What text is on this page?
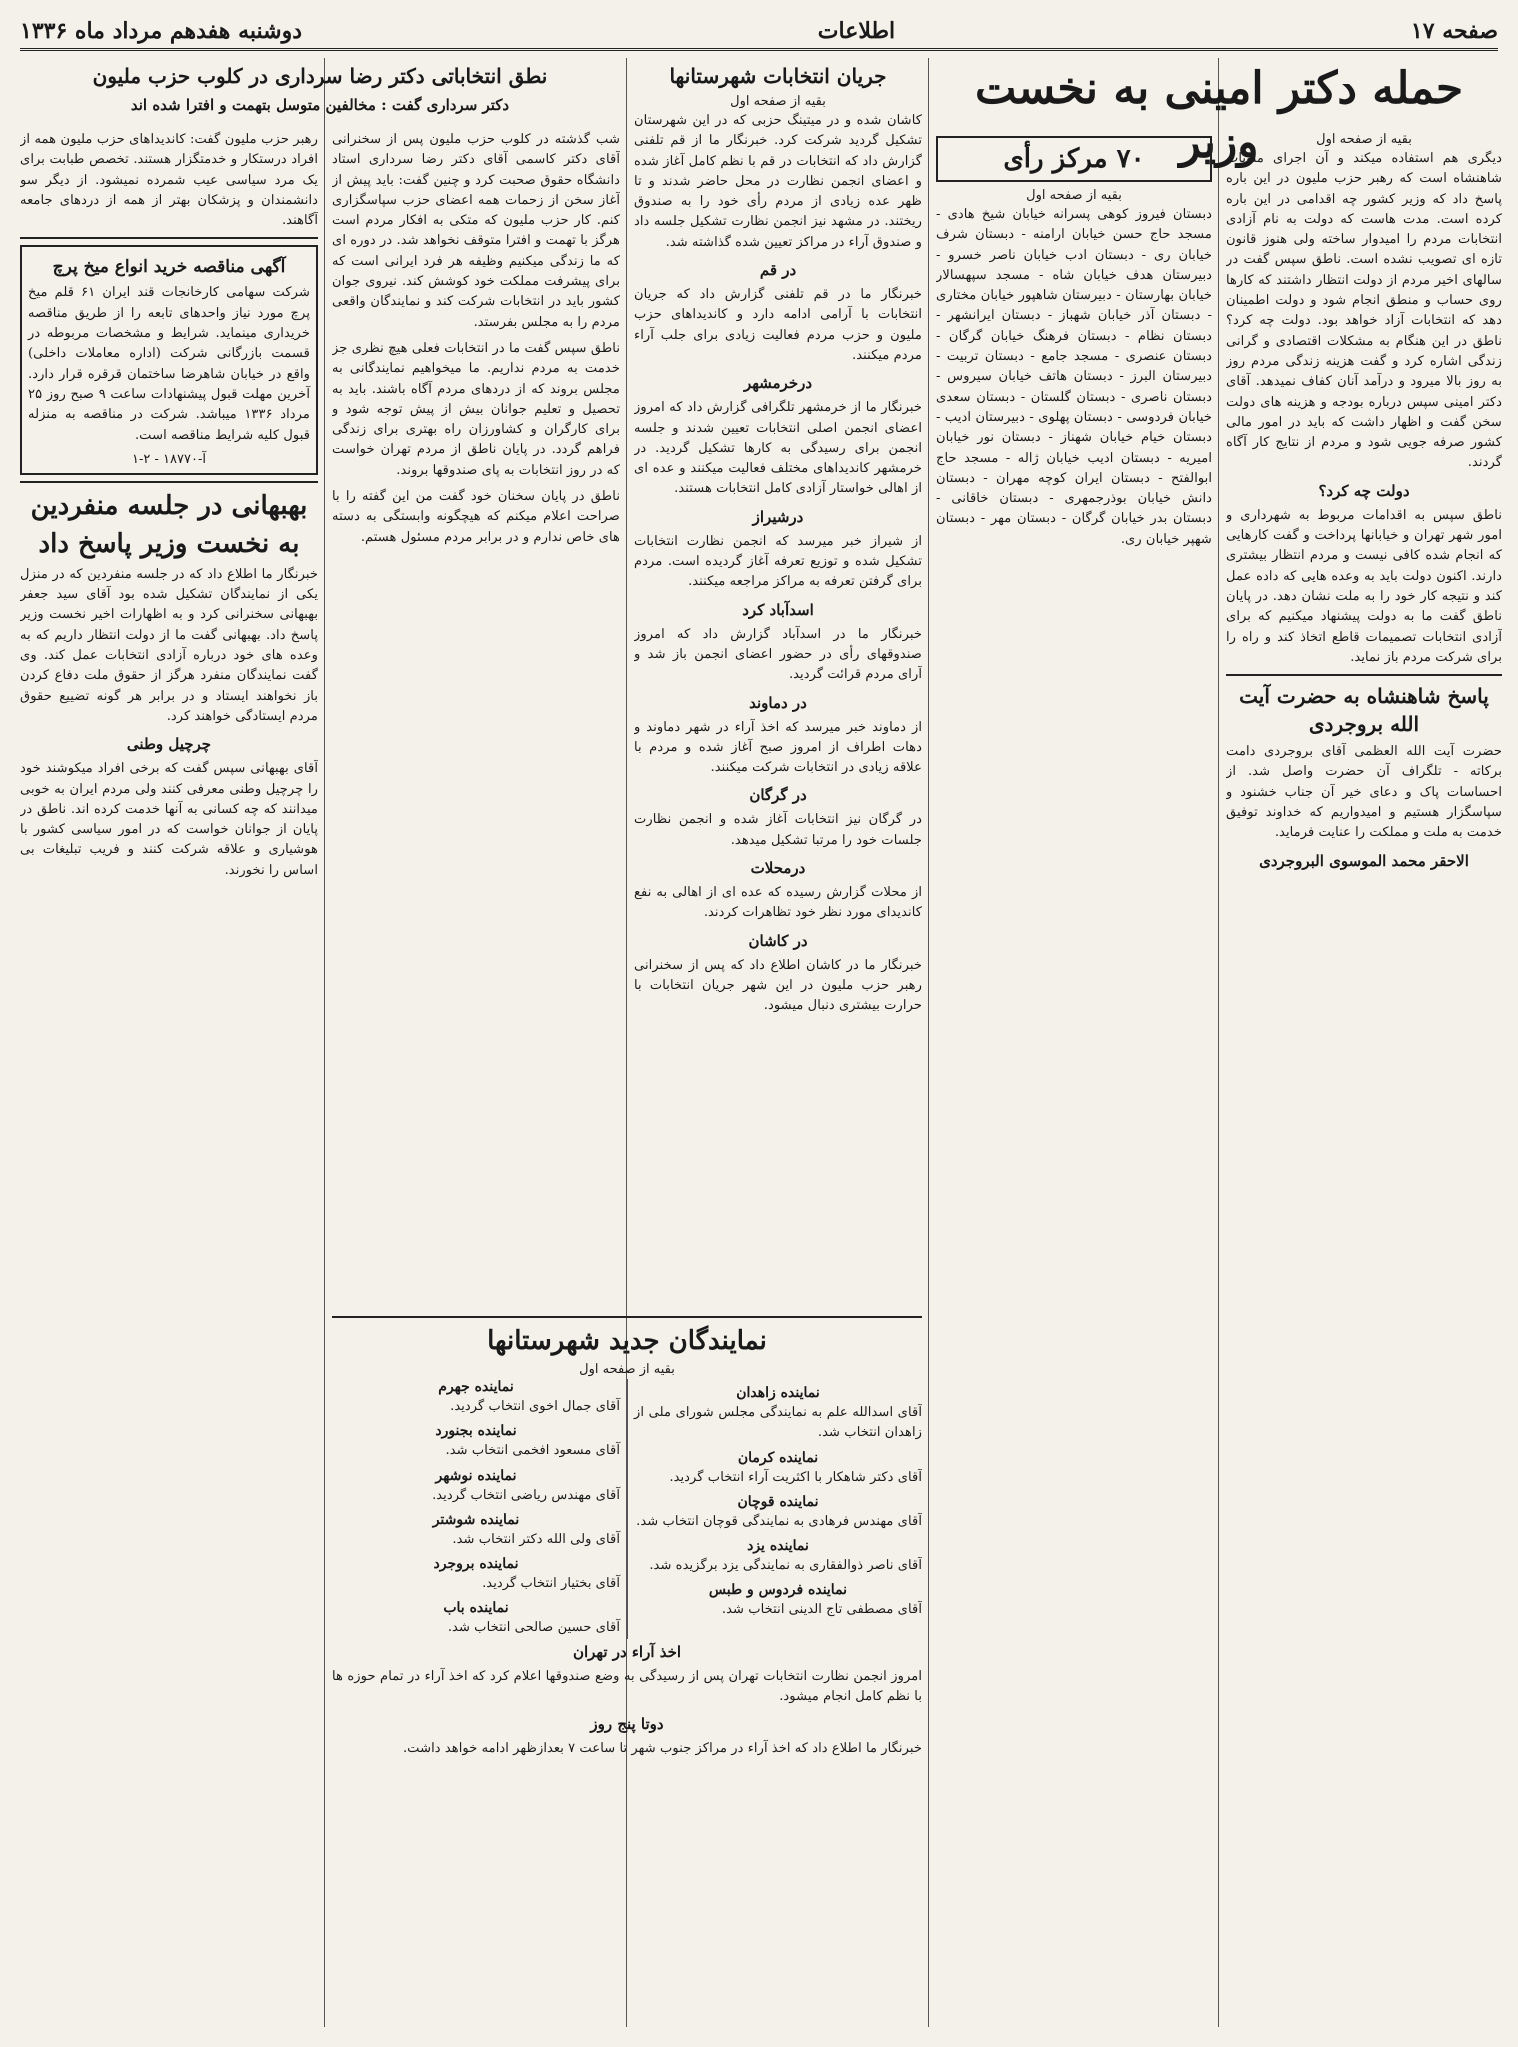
صفحه ۱۷
اطلاعات
دوشنبه هفدهم مرداد ماه ۱۳۳۶
حمله دکتر امینی به نخست وزیر	بقیه از صفحه اول

دیگری هم استفاده میکند و آن اجرای منویات شاهنشاه است که رهبر حزب ملیون در این باره پاسخ داد که وزیر کشور چه اقدامی در این باره کرده است. مدت هاست که دولت به نام آزادی انتخابات مردم را امیدوار ساخته ولی هنوز قانون تازه ای تصویب نشده است. ناطق سپس گفت در سالهای اخیر مردم از دولت انتظار داشتند که کارها روی حساب و منطق انجام شود و دولت اطمینان دهد که انتخابات آزاد خواهد بود. دولت چه کرد؟ ناطق در این هنگام به مشکلات اقتصادی و گرانی زندگی اشاره کرد و گفت هزینه زندگی مردم روز به روز بالا میرود و درآمد آنان کفاف نمیدهد. آقای دکتر امینی سپس درباره بودجه و هزینه های دولت سخن گفت و اظهار داشت که باید در امور مالی کشور صرفه جویی شود و مردم از نتایج کار آگاه گردند.

دولت چه کرد؟

ناطق سپس به اقدامات مربوط به شهرداری و امور شهر تهران و خیابانها پرداخت و گفت کارهایی که انجام شده کافی نیست و مردم انتظار بیشتری دارند. اکنون دولت باید به وعده هایی که داده عمل کند و نتیجه کار خود را به ملت نشان دهد. در پایان ناطق گفت ما به دولت پیشنهاد میکنیم که برای آزادی انتخابات تصمیمات قاطع اتخاذ کند و راه را برای شرکت مردم باز نماید.

پاسخ شاهنشاه به حضرت آیت الله بروجردی

حضرت آیت الله العظمی آقای بروجردی دامت برکاته - تلگراف آن حضرت واصل شد. از احساسات پاک و دعای خیر آن جناب خشنود و سپاسگزار هستیم و امیدواریم که خداوند توفیق خدمت به ملت و مملکت را عنایت فرماید.

الاحقر محمد الموسوی البروجردی
۷۰ مرکز رأی
بقیه از صفحه اول

دبستان فیروز کوهی پسرانه خیابان شیخ هادی - مسجد حاج حسن خیابان ارامنه - دبستان شرف خیابان ری - دبستان ادب خیابان ناصر خسرو - دبیرستان هدف خیابان شاه - مسجد سپهسالار خیابان بهارستان - دبیرستان شاهپور خیابان مختاری - دبستان آذر خیابان شهباز - دبستان ایرانشهر - دبستان نظام - دبستان فرهنگ خیابان گرگان - دبستان عنصری - مسجد جامع - دبستان تربیت - دبیرستان البرز - دبستان هاتف خیابان سیروس - دبستان ناصری - دبستان گلستان - دبستان سعدی خیابان فردوسی - دبستان پهلوی - دبیرستان ادیب - دبستان خیام خیابان شهناز - دبستان نور خیابان امیریه - دبستان ادیب خیابان ژاله - مسجد حاج ابوالفتح - دبستان ایران کوچه مهران - دبستان دانش خیابان بوذرجمهری - دبستان خاقانی - دبستان بدر خیابان گرگان - دبستان مهر - دبستان شهپر خیابان ری.

جریان انتخابات شهرستانها
بقیه از صفحه اول

کاشان شده و در میتینگ حزبی که در این شهرستان تشکیل گردید شرکت کرد. خبرنگار ما از قم تلفنی گزارش داد که انتخابات در قم با نظم کامل آغاز شده و اعضای انجمن نظارت در محل حاضر شدند و تا ظهر عده زیادی از مردم رأی خود را به صندوق ریختند. در مشهد نیز انجمن نظارت تشکیل جلسه داد و صندوق آراء در مراکز تعیین شده گذاشته شد.

در قم

خبرنگار ما در قم تلفنی گزارش داد که جریان انتخابات با آرامی ادامه دارد و کاندیداهای حزب ملیون و حزب مردم فعالیت زیادی برای جلب آراء مردم میکنند.

درخرمشهر

خبرنگار ما از خرمشهر تلگرافی گزارش داد که امروز اعضای انجمن اصلی انتخابات تعیین شدند و جلسه انجمن برای رسیدگی به کارها تشکیل گردید. در خرمشهر کاندیداهای مختلف فعالیت میکنند و عده ای از اهالی خواستار آزادی کامل انتخابات هستند.

درشیراز

از شیراز خبر میرسد که انجمن نظارت انتخابات تشکیل شده و توزیع تعرفه آغاز گردیده است. مردم برای گرفتن تعرفه به مراکز مراجعه میکنند.

اسدآباد کرد

خبرنگار ما در اسدآباد گزارش داد که امروز صندوقهای رأی در حضور اعضای انجمن باز شد و آرای مردم قرائت گردید.

در دماوند

از دماوند خبر میرسد که اخذ آراء در شهر دماوند و دهات اطراف از امروز صبح آغاز شده و مردم با علاقه زیادی در انتخابات شرکت میکنند.

در گرگان

در گرگان نیز انتخابات آغاز شده و انجمن نظارت جلسات خود را مرتبا تشکیل میدهد.

درمحلات

از محلات گزارش رسیده که عده ای از اهالی به نفع کاندیدای مورد نظر خود تظاهرات کردند.

در کاشان

خبرنگار ما در کاشان اطلاع داد که پس از سخنرانی رهبر حزب ملیون در این شهر جریان انتخابات با حرارت بیشتری دنبال میشود.

نمایندگان جدید شهرستانها
بقیه از صفحه اول
نماینده زاهدان

آقای اسدالله علم به نمایندگی مجلس شورای ملی از زاهدان انتخاب شد.

نماینده کرمان

آقای دکتر شاهکار با اکثریت آراء انتخاب گردید.

نماینده قوچان

آقای مهندس فرهادی به نمایندگی قوچان انتخاب شد.

نماینده یزد

آقای ناصر ذوالفقاری به نمایندگی یزد برگزیده شد.

نماینده فردوس و طبس

آقای مصطفی تاج الدینی انتخاب شد.

نماینده جهرم

آقای جمال اخوی انتخاب گردید.

نماینده بجنورد

آقای مسعود افخمی انتخاب شد.

نماینده نوشهر

آقای مهندس ریاضی انتخاب گردید.

نماینده شوشتر

آقای ولی الله دکتر انتخاب شد.

نماینده بروجرد

آقای بختیار انتخاب گردید.

نماینده باب

آقای حسین صالحی انتخاب شد.

اخذ آراء در تهران

امروز انجمن نظارت انتخابات تهران پس از رسیدگی به وضع صندوقها اعلام کرد که اخذ آراء در تمام حوزه ها با نظم کامل انجام میشود.

دوتا پنج روز

خبرنگار ما اطلاع داد که اخذ آراء در مراکز جنوب شهر تا ساعت ۷ بعدازظهر ادامه خواهد داشت.

نطق انتخاباتی دکتر رضا سرداری در کلوب حزب ملیون
دکتر سرداری گفت : مخالفین متوسل بتهمت و افترا شده اند

شب گذشته در کلوب حزب ملیون پس از سخنرانی آقای دکتر کاسمی آقای دکتر رضا سرداری استاد دانشگاه حقوق صحبت کرد و چنین گفت: باید پیش از آغاز سخن از زحمات همه اعضای حزب سپاسگزاری کنم. کار حزب ملیون که متکی به افکار مردم است هرگز با تهمت و افترا متوقف نخواهد شد. در دوره ای که ما زندگی میکنیم وظیفه هر فرد ایرانی است که برای پیشرفت مملکت خود کوشش کند. نیروی جوان کشور باید در انتخابات شرکت کند و نمایندگان واقعی مردم را به مجلس بفرستد.

ناطق سپس گفت ما در انتخابات فعلی هیچ نظری جز خدمت به مردم نداریم. ما میخواهیم نمایندگانی به مجلس بروند که از دردهای مردم آگاه باشند. باید به تحصیل و تعلیم جوانان بیش از پیش توجه شود و برای کارگران و کشاورزان راه بهتری برای زندگی فراهم گردد. در پایان ناطق از مردم تهران خواست که در روز انتخابات به پای صندوقها بروند.

ناطق در پایان سخنان خود گفت من این گفته را با صراحت اعلام میکنم که هیچگونه وابستگی به دسته های خاص ندارم و در برابر مردم مسئول هستم.

رهبر حزب ملیون گفت: کاندیداهای حزب ملیون همه از افراد درستکار و خدمتگزار هستند. تخصص طبابت برای یک مرد سیاسی عیب شمرده نمیشود. از دیگر سو دانشمندان و پزشکان بهتر از همه از دردهای جامعه آگاهند.

آگهی مناقصه خرید انواع میخ پرچ

شرکت سهامی کارخانجات قند ایران ۶۱ قلم میخ پرچ مورد نیاز واحدهای تابعه را از طریق مناقصه خریداری مینماید. شرایط و مشخصات مربوطه در قسمت بازرگانی شرکت (اداره معاملات داخلی) واقع در خیابان شاهرضا ساختمان قرقره قرار دارد. آخرین مهلت قبول پیشنهادات ساعت ۹ صبح روز ۲۵ مرداد ۱۳۳۶ میباشد. شرکت در مناقصه به منزله قبول کلیه شرایط مناقصه است.

آ-۱۸۷۷۰ - ۲-۱
بهبهانی در جلسه منفردین
به نخست وزیر پاسخ داد

خبرنگار ما اطلاع داد که در جلسه منفردین که در منزل یکی از نمایندگان تشکیل شده بود آقای سید جعفر بهبهانی سخنرانی کرد و به اظهارات اخیر نخست وزیر پاسخ داد. بهبهانی گفت ما از دولت انتظار داریم که به وعده های خود درباره آزادی انتخابات عمل کند. وی گفت نمایندگان منفرد هرگز از حقوق ملت دفاع کردن باز نخواهند ایستاد و در برابر هر گونه تضییع حقوق مردم ایستادگی خواهند کرد.

چرچیل وطنی

آقای بهبهانی سپس گفت که برخی افراد میکوشند خود را چرچیل وطنی معرفی کنند ولی مردم ایران به خوبی میدانند که چه کسانی به آنها خدمت کرده اند. ناطق در پایان از جوانان خواست که در امور سیاسی کشور با هوشیاری و علاقه شرکت کنند و فریب تبلیغات بی اساس را نخورند.
